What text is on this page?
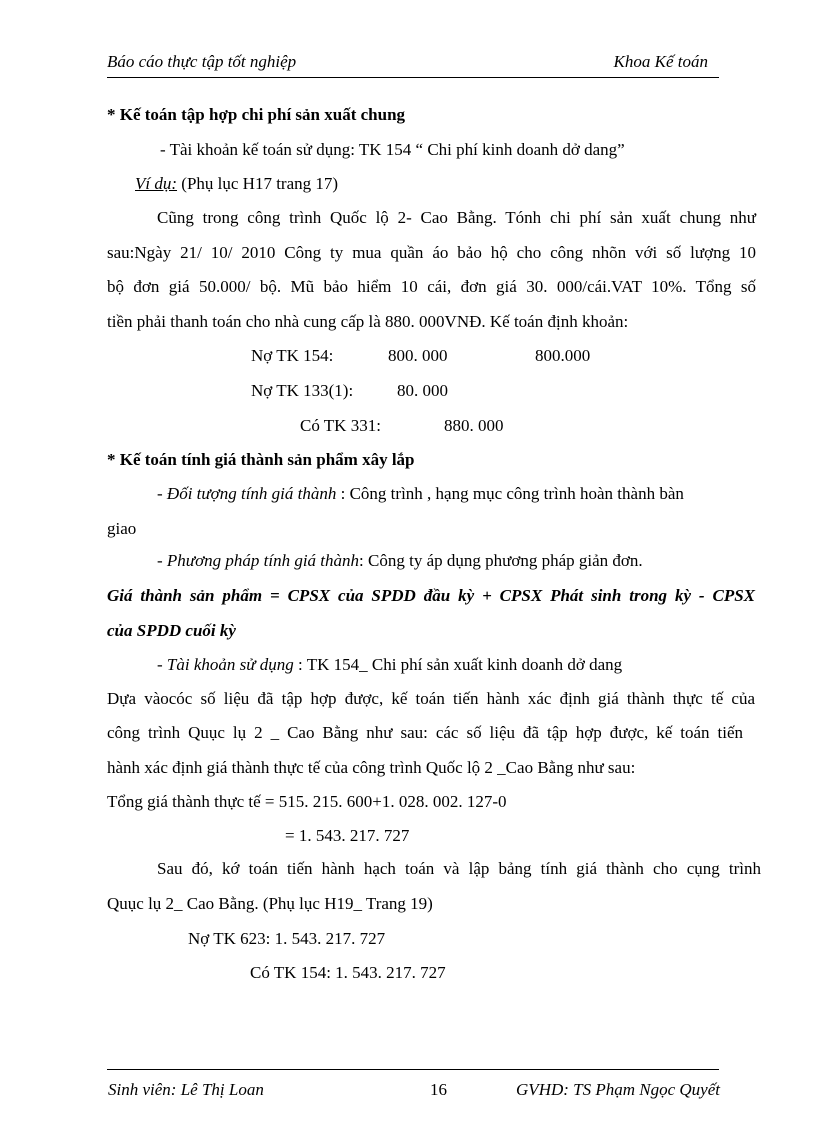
Báo cáo thực tập tốt nghiệp	Khoa Kế toán
* Kế toán tập hợp chi phí sản xuất chung
- Tài khoản kế toán sử dụng: TK 154 “ Chi phí kinh doanh dở dang”
Ví dụ: (Phụ lục H17 trang 17)
Cũng trong công trình Quốc lộ 2- Cao Bằng. Tónh chi phí sản xuất chung như
sau:Ngày 21/ 10/ 2010 Công ty mua quần áo bảo hộ cho công nhõn với số lượng 10
bộ đơn giá 50.000/ bộ. Mũ bảo hiểm 10 cái, đơn giá 30. 000/cái.VAT 10%. Tổng số
tiền phải thanh toán cho nhà cung cấp là 880. 000VNĐ. Kế toán định khoản:
Nợ TK 154:	800. 000	800.000
Nợ TK 133(1):	80. 000
Có TK 331:	880. 000
* Kế toán tính giá thành sản phẩm xây lắp
- Đối tượng tính giá thành : Công trình , hạng mục công trình hoàn thành bàn
giao
- Phương pháp tính giá thành: Công ty áp dụng phương pháp giản đơn.
Giá thành sản phẩm = CPSX của SPDD đầu kỳ + CPSX Phát sinh trong kỳ - CPSX
của SPDD cuối kỳ
- Tài khoản sử dụng : TK 154_ Chi phí sản xuất kinh doanh dở dang
Dựa vàocóc số liệu đã tập hợp được, kế toán tiến hành xác định giá thành thực tế của
công trình Quục lụ 2 _ Cao Bằng như sau: các số liệu đã tập hợp được, kế toán tiến
hành xác định giá thành thực tế của công trình Quốc lộ 2 _Cao Bằng như sau:
Tổng giá thành thực tế = 515. 215. 600+1. 028. 002. 127-0
= 1. 543. 217. 727
Sau đó, kớ toán tiến hành hạch toán và lập bảng tính giá thành cho cụng trình
Quục lụ 2_ Cao Bằng. (Phụ lục H19_ Trang 19)
Nợ TK 623: 1. 543. 217. 727
Có TK 154: 1. 543. 217. 727
Sinh viên: Lê Thị Loan	16	GVHD: TS Phạm Ngọc Quyết
